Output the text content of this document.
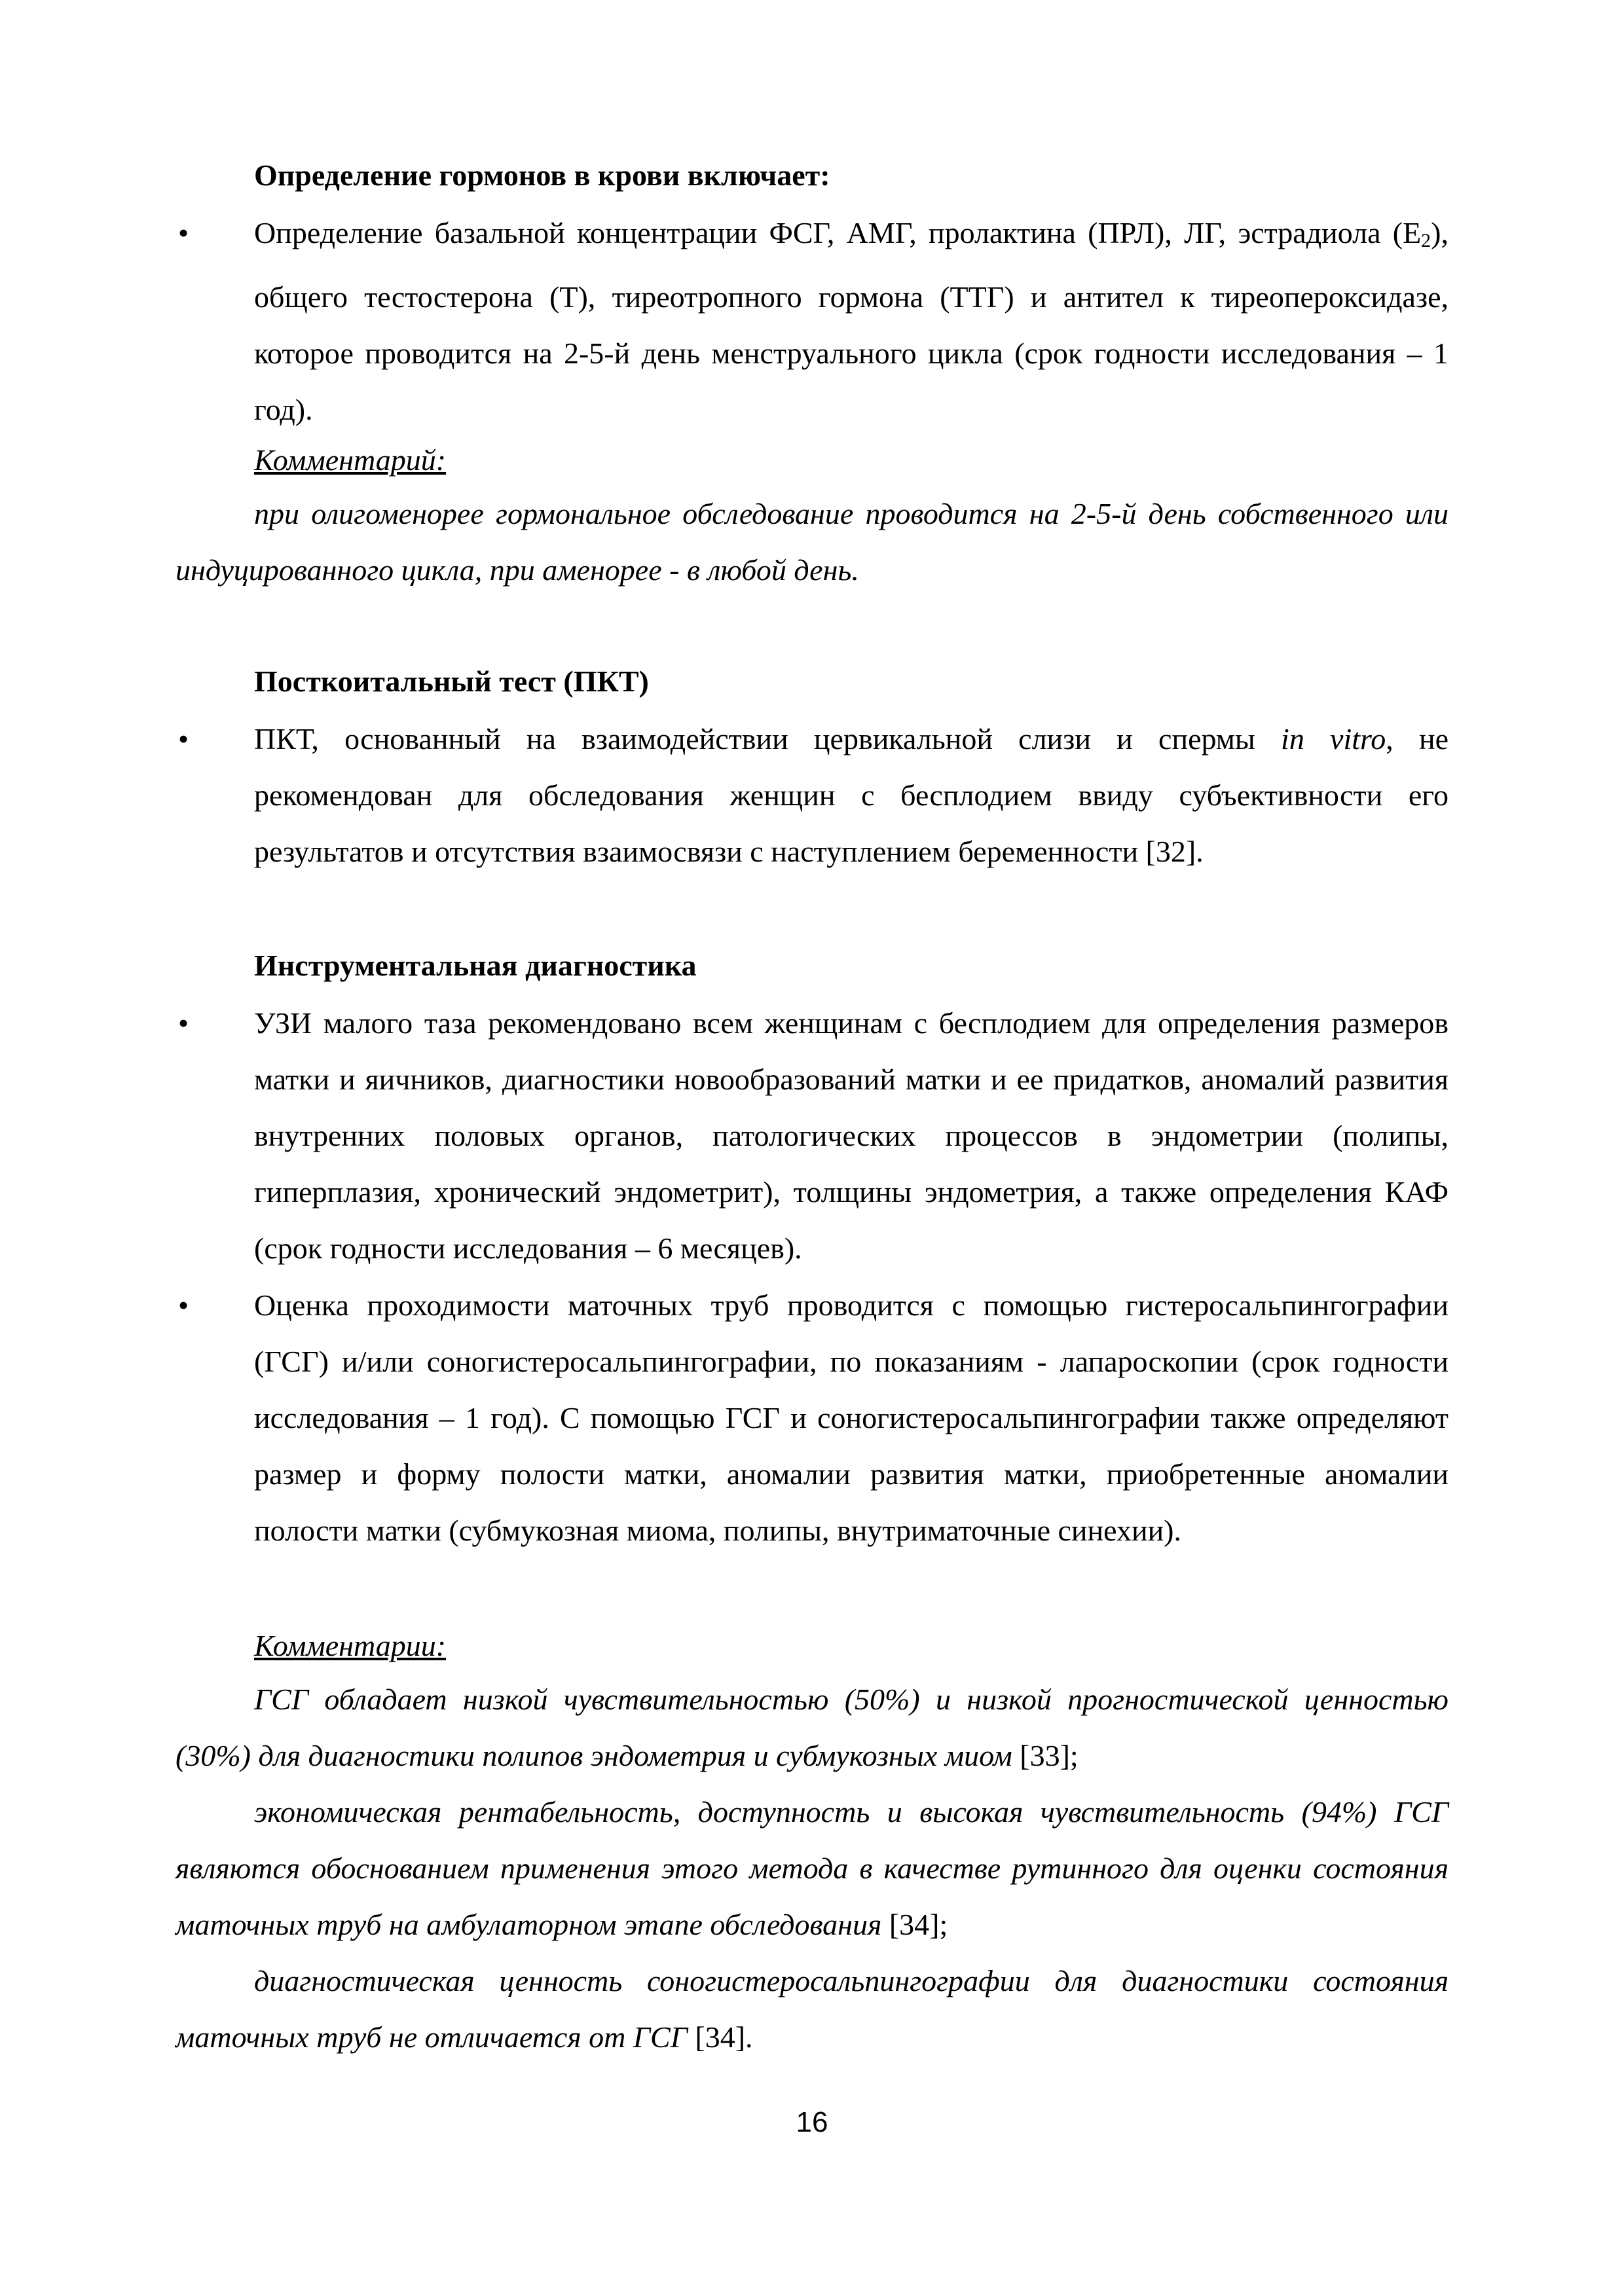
Определение гормонов в крови включает:
• Определение базальной концентрации ФСГ, АМГ, пролактина (ПРЛ), ЛГ, эстрадиола $(Е_2)$, общего тестостерона (Т), тиреотропного гормона (ТТГ) и антител к тиреопероксидазе, которое проводится на 2-5-й день менструального цикла (срок годности исследования – 1 год).
Комментарий:
при олигоменорее гормональное обследование проводится на 2-5-й день собственного или индуцированного цикла, при аменорее - в любой день.
Посткоитальный тест (ПКТ)
• ПКТ, основанный на взаимодействии цервикальной слизи и спермы in vitro, не рекомендован для обследования женщин с бесплодием ввиду субъективности его результатов и отсутствия взаимосвязи с наступлением беременности [32].
Инструментальная диагностика
• УЗИ малого таза рекомендовано всем женщинам с бесплодием для определения размеров матки и яичников, диагностики новообразований матки и ее придатков, аномалий развития внутренних половых органов, патологических процессов в эндометрии (полипы, гиперплазия, хронический эндометрит), толщины эндометрия, а также определения КАФ (срок годности исследования – 6 месяцев).
• Оценка проходимости маточных труб проводится с помощью гистеросальпингографии (ГСГ) и/или соногистеросальпингографии, по показаниям - лапароскопии (срок годности исследования – 1 год). С помощью ГСГ и соногистеросальпингографии также определяют размер и форму полости матки, аномалии развития матки, приобретенные аномалии полости матки (субмукозная миома, полипы, внутриматочные синехии).
Комментарии:
ГСГ обладает низкой чувствительностью (50%) и низкой прогностической ценностью (30%) для диагностики полипов эндометрия и субмукозных миом [33];
экономическая рентабельность, доступность и высокая чувствительность (94%) ГСГ являются обоснованием применения этого метода в качестве рутинного для оценки состояния маточных труб на амбулаторном этапе обследования [34];
диагностическая ценность соногистеросальпингографии для диагностики состояния маточных труб не отличается от ГСГ [34].
16
